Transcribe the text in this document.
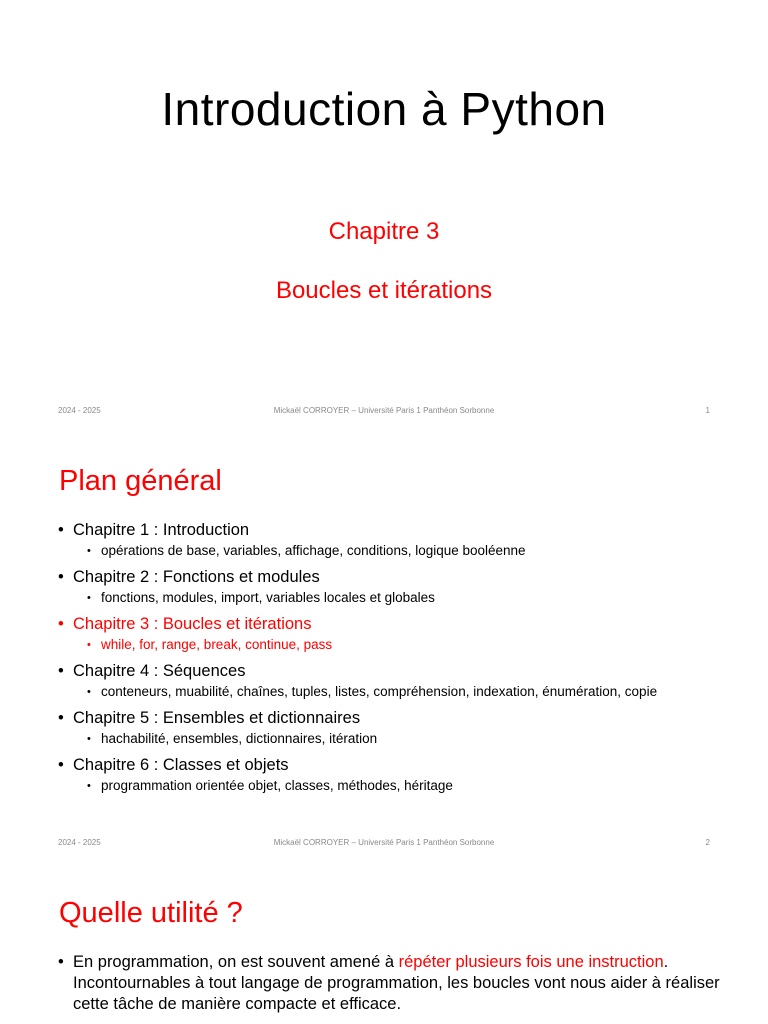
Introduction à Python
Chapitre 3
Boucles et itérations
2024 - 2025	Mickaël CORROYER – Université Paris 1 Panthéon Sorbonne	1
Plan général
• Chapitre 1 : Introduction
• opérations de base, variables, affichage, conditions, logique booléenne
• Chapitre 2 : Fonctions et modules
• fonctions, modules, import, variables locales et globales
• Chapitre 3 : Boucles et itérations
• while, for, range, break, continue, pass
• Chapitre 4 : Séquences
• conteneurs, muabilité, chaînes, tuples, listes, compréhension, indexation, énumération, copie
• Chapitre 5 : Ensembles et dictionnaires
• hachabilité, ensembles, dictionnaires, itération
• Chapitre 6 : Classes et objets
• programmation orientée objet, classes, méthodes, héritage
2024 - 2025	Mickaël CORROYER – Université Paris 1 Panthéon Sorbonne	2
Quelle utilité ?
• En programmation, on est souvent amené à répéter plusieurs fois une instruction. Incontournables à tout langage de programmation, les boucles vont nous aider à réaliser cette tâche de manière compacte et efficace.
